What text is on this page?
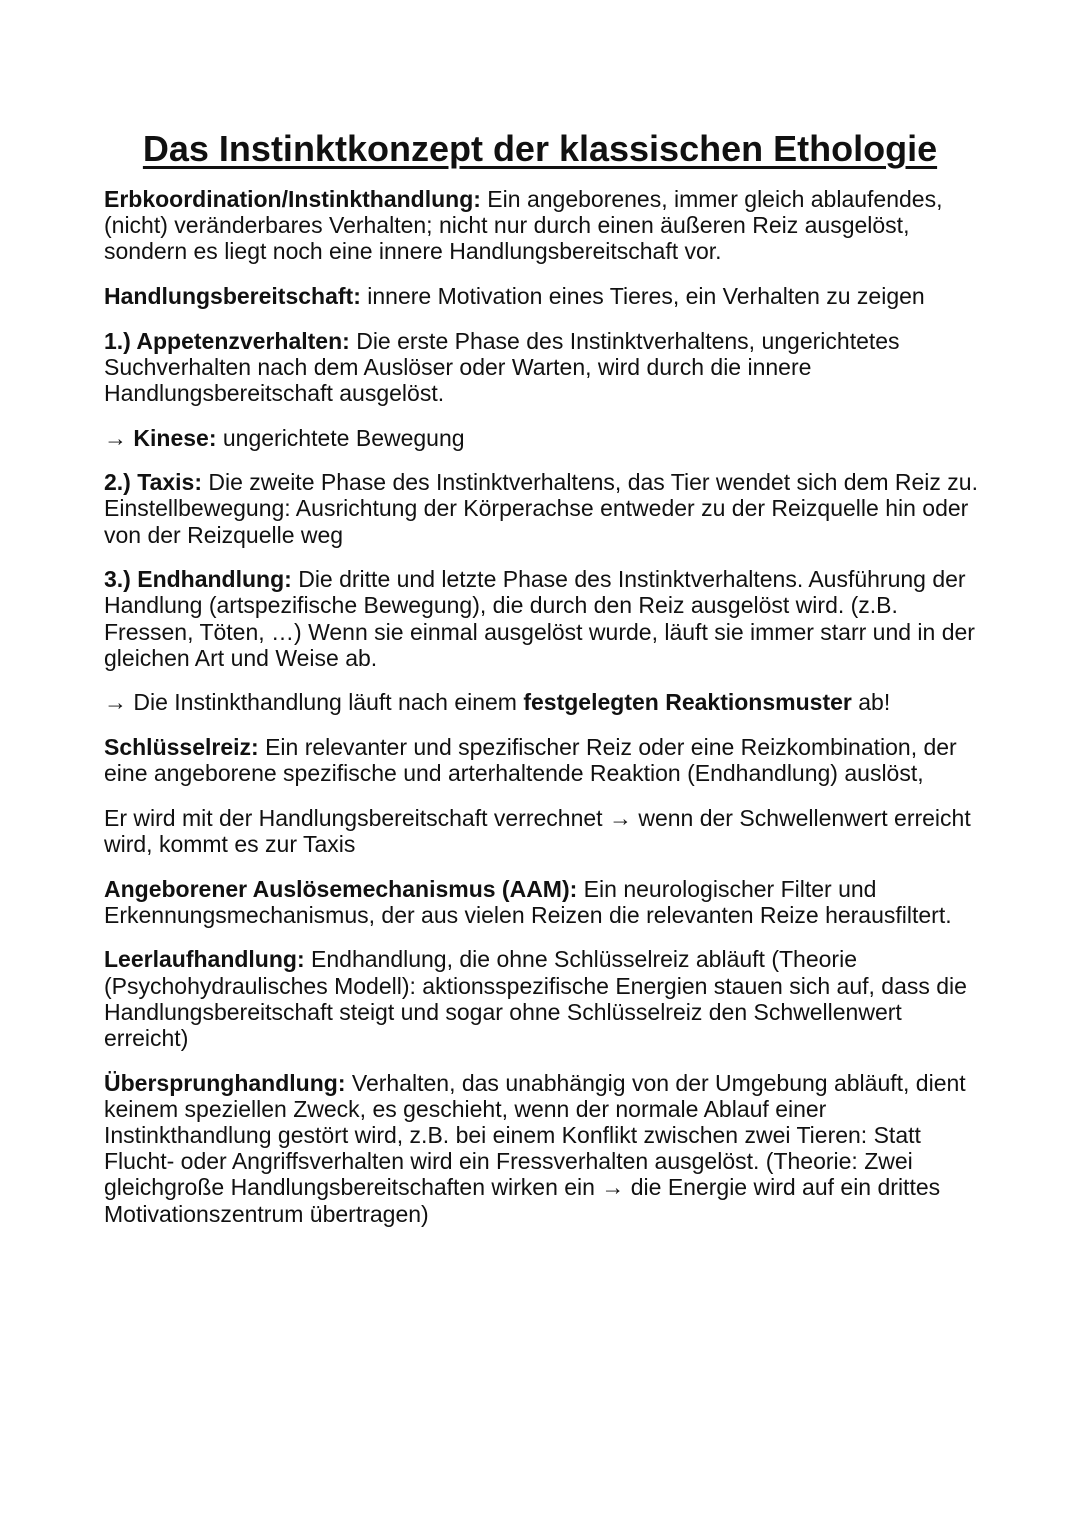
Das Instinktkonzept der klassischen Ethologie

Erbkoordination/Instinkthandlung: Ein angeborenes, immer gleich ablaufendes, (nicht) veränderbares Verhalten; nicht nur durch einen äußeren Reiz ausgelöst, sondern es liegt noch eine innere Handlungsbereitschaft vor.

Handlungsbereitschaft: innere Motivation eines Tieres, ein Verhalten zu zeigen

1.) Appetenzverhalten: Die erste Phase des Instinktverhaltens, ungerichtetes Suchverhalten nach dem Auslöser oder Warten, wird durch die innere Handlungsbereitschaft ausgelöst.

→ Kinese: ungerichtete Bewegung

2.) Taxis: Die zweite Phase des Instinktverhaltens, das Tier wendet sich dem Reiz zu. Einstellbewegung: Ausrichtung der Körperachse entweder zu der Reizquelle hin oder von der Reizquelle weg

3.) Endhandlung: Die dritte und letzte Phase des Instinktverhaltens. Ausführung der Handlung (artspezifische Bewegung), die durch den Reiz ausgelöst wird. (z.B. Fressen, Töten, …) Wenn sie einmal ausgelöst wurde, läuft sie immer starr und in der gleichen Art und Weise ab.

→ Die Instinkthandlung läuft nach einem festgelegten Reaktionsmuster ab!

Schlüsselreiz: Ein relevanter und spezifischer Reiz oder eine Reizkombination, der eine angeborene spezifische und arterhaltende Reaktion (Endhandlung) auslöst,

Er wird mit der Handlungsbereitschaft verrechnet → wenn der Schwellenwert erreicht wird, kommt es zur Taxis

Angeborener Auslösemechanismus (AAM): Ein neurologischer Filter und Erkennungsmechanismus, der aus vielen Reizen die relevanten Reize herausfiltert.

Leerlaufhandlung: Endhandlung, die ohne Schlüsselreiz abläuft (Theorie (Psychohydraulisches Modell): aktionsspezifische Energien stauen sich auf, dass die Handlungsbereitschaft steigt und sogar ohne Schlüsselreiz den Schwellenwert erreicht)

Übersprunghandlung: Verhalten, das unabhängig von der Umgebung abläuft, dient keinem speziellen Zweck, es geschieht, wenn der normale Ablauf einer Instinkthandlung gestört wird, z.B. bei einem Konflikt zwischen zwei Tieren: Statt Flucht- oder Angriffsverhalten wird ein Fressverhalten ausgelöst. (Theorie: Zwei gleichgroße Handlungsbereitschaften wirken ein → die Energie wird auf ein drittes Motivationszentrum übertragen)
